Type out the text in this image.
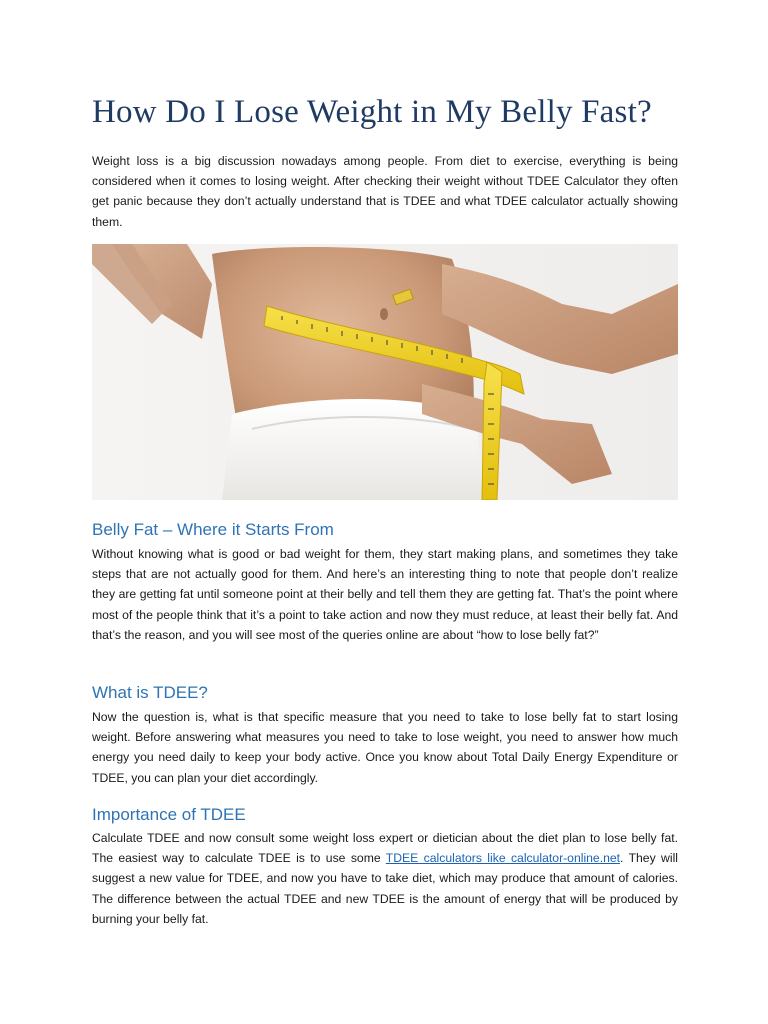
How Do I Lose Weight in My Belly Fast?

Weight loss is a big discussion nowadays among people. From diet to exercise, everything is being considered when it comes to losing weight. After checking their weight without TDEE Calculator they often get panic because they don’t actually understand that is TDEE and what TDEE calculator actually showing them.

Belly Fat – Where it Starts From

Without knowing what is good or bad weight for them, they start making plans, and sometimes they take steps that are not actually good for them. And here’s an interesting thing to note that people don’t realize they are getting fat until someone point at their belly and tell them they are getting fat. That’s the point where most of the people think that it’s a point to take action and now they must reduce, at least their belly fat. And that’s the reason, and you will see most of the queries online are about “how to lose belly fat?”

What is TDEE?

Now the question is, what is that specific measure that you need to take to lose belly fat to start losing weight. Before answering what measures you need to take to lose weight, you need to answer how much energy you need daily to keep your body active. Once you know about Total Daily Energy Expenditure or TDEE, you can plan your diet accordingly.

Importance of TDEE

Calculate TDEE and now consult some weight loss expert or dietician about the diet plan to lose belly fat. The easiest way to calculate TDEE is to use some TDEE calculators like calculator-online.net. They will suggest a new value for TDEE, and now you have to take diet, which may produce that amount of calories. The difference between the actual TDEE and new TDEE is the amount of energy that will be produced by burning your belly fat.
